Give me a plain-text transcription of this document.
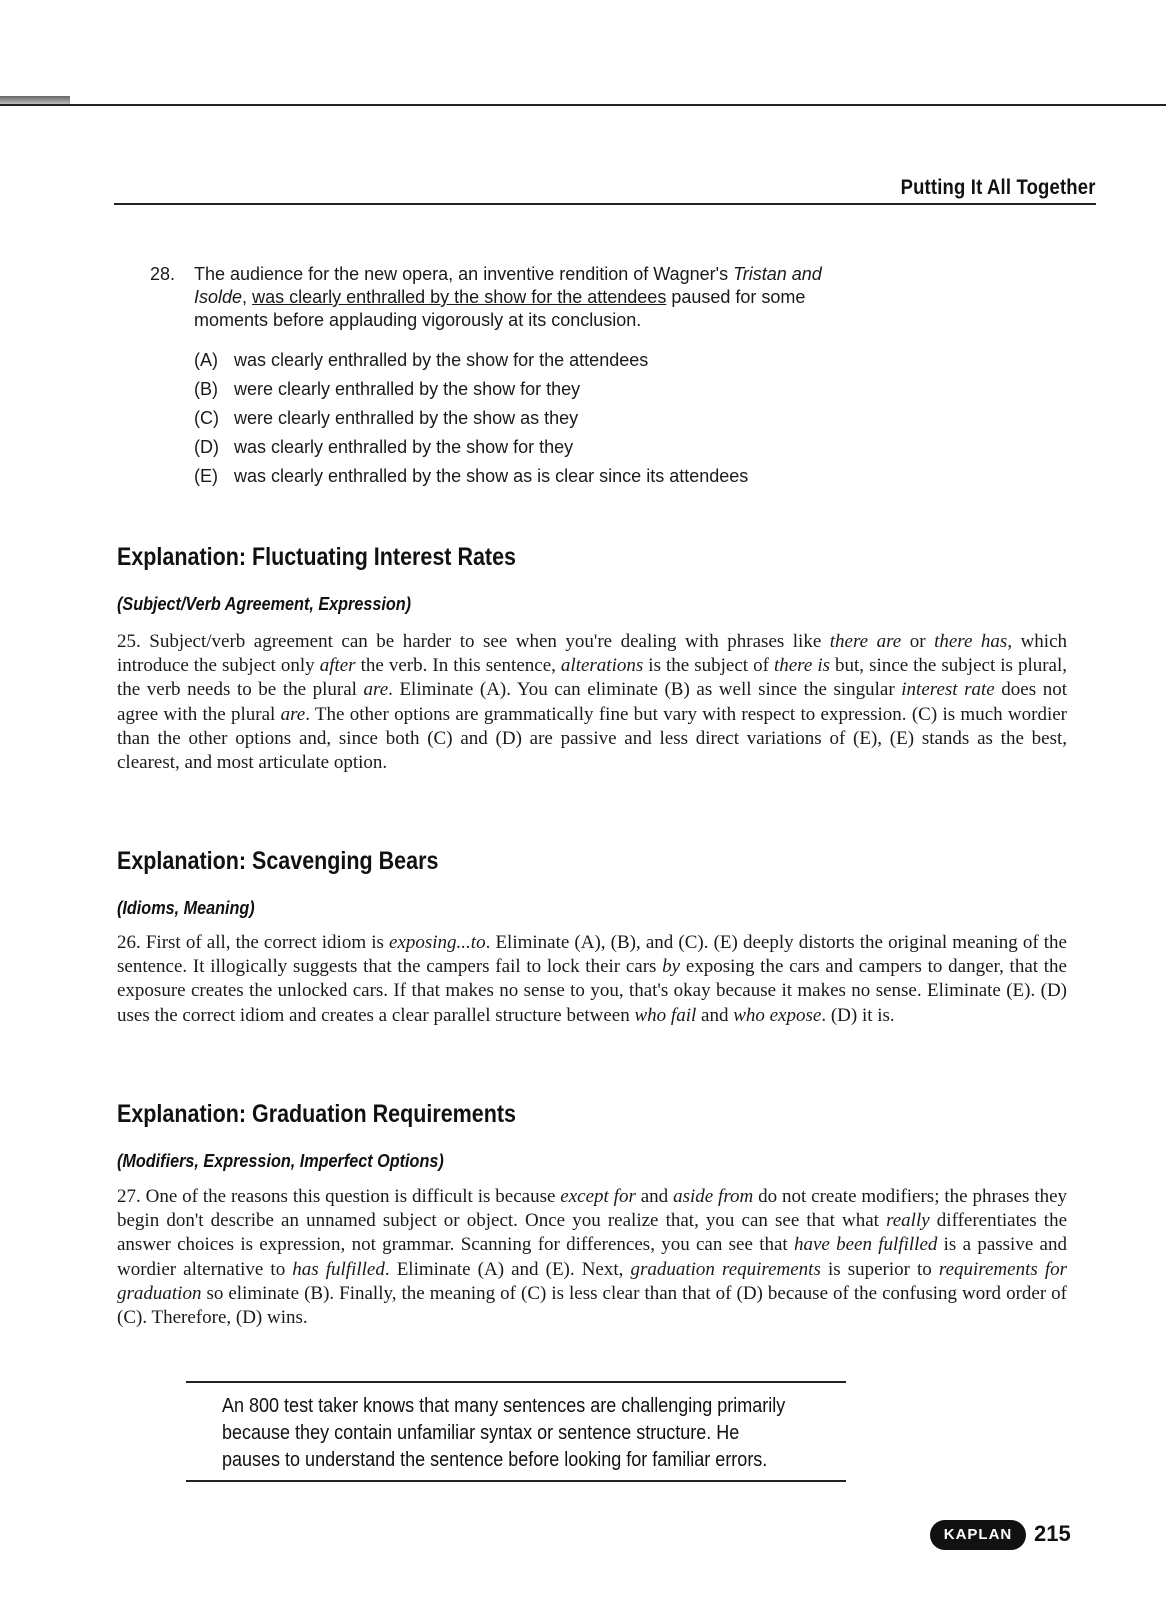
Putting It All Together
28. The audience for the new opera, an inventive rendition of Wagner's Tristan and Isolde, was clearly enthralled by the show for the attendees paused for some moments before applauding vigorously at its conclusion.
(A) was clearly enthralled by the show for the attendees
(B) were clearly enthralled by the show for they
(C) were clearly enthralled by the show as they
(D) was clearly enthralled by the show for they
(E) was clearly enthralled by the show as is clear since its attendees
Explanation: Fluctuating Interest Rates
(Subject/Verb Agreement, Expression)
25. Subject/verb agreement can be harder to see when you're dealing with phrases like there are or there has, which introduce the subject only after the verb. In this sentence, alterations is the subject of there is but, since the subject is plural, the verb needs to be the plural are. Eliminate (A). You can eliminate (B) as well since the singular interest rate does not agree with the plural are. The other options are grammatically fine but vary with respect to expression. (C) is much wordier than the other options and, since both (C) and (D) are passive and less direct variations of (E), (E) stands as the best, clearest, and most articulate option.
Explanation: Scavenging Bears
(Idioms, Meaning)
26. First of all, the correct idiom is exposing...to. Eliminate (A), (B), and (C). (E) deeply distorts the original meaning of the sentence. It illogically suggests that the campers fail to lock their cars by exposing the cars and campers to danger, that the exposure creates the unlocked cars. If that makes no sense to you, that's okay because it makes no sense. Eliminate (E). (D) uses the correct idiom and creates a clear parallel structure between who fail and who expose. (D) it is.
Explanation: Graduation Requirements
(Modifiers, Expression, Imperfect Options)
27. One of the reasons this question is difficult is because except for and aside from do not create modifiers; the phrases they begin don't describe an unnamed subject or object. Once you realize that, you can see that what really differentiates the answer choices is expression, not grammar. Scanning for differences, you can see that have been fulfilled is a passive and wordier alternative to has fulfilled. Eliminate (A) and (E). Next, graduation requirements is superior to requirements for graduation so eliminate (B). Finally, the meaning of (C) is less clear than that of (D) because of the confusing word order of (C). Therefore, (D) wins.
An 800 test taker knows that many sentences are challenging primarily because they contain unfamiliar syntax or sentence structure. He pauses to understand the sentence before looking for familiar errors.
KAPLAN 215
